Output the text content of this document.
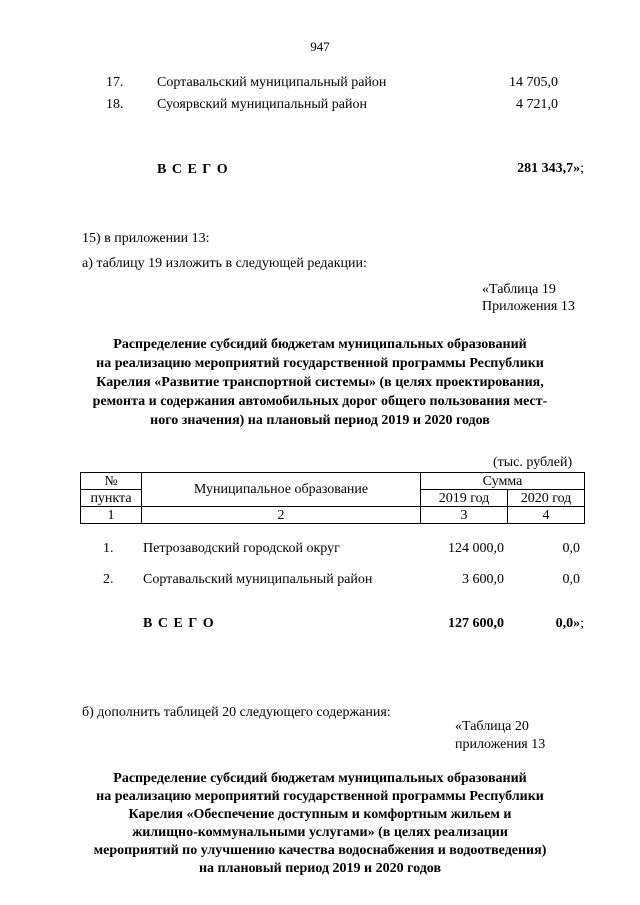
947
17. Сортавальский муниципальный район	14 705,0
18. Суоярвский муниципальный район	4 721,0
В С Е Г О	281 343,7»;
15) в приложении 13:
а) таблицу 19 изложить в следующей редакции:
«Таблица 19
Приложения 13
Распределение субсидий бюджетам муниципальных образований
на реализацию мероприятий государственной программы Республики
Карелия «Развитие транспортной системы» (в целях проектирования,
ремонта и содержания автомобильных дорог общего пользования мест-
ного значения) на плановый период 2019 и 2020 годов
(тыс. рублей)
№	Муниципальное образование	Сумма	
пункта		2019 год	2020 год
1	2	3	4
1. Петрозаводский городской округ	124 000,0	0,0
2. Сортавальский муниципальный район	3 600,0	0,0
В С Е Г О	127 600,0	0,0»;
б) дополнить таблицей 20 следующего содержания:
«Таблица 20
приложения 13
Распределение субсидий бюджетам муниципальных образований
на реализацию мероприятий государственной программы Республики
Карелия «Обеспечение доступным и комфортным жильем и
жилищно-коммунальными услугами» (в целях реализации
мероприятий по улучшению качества водоснабжения и водоотведения)
на плановый период 2019 и 2020 годов
